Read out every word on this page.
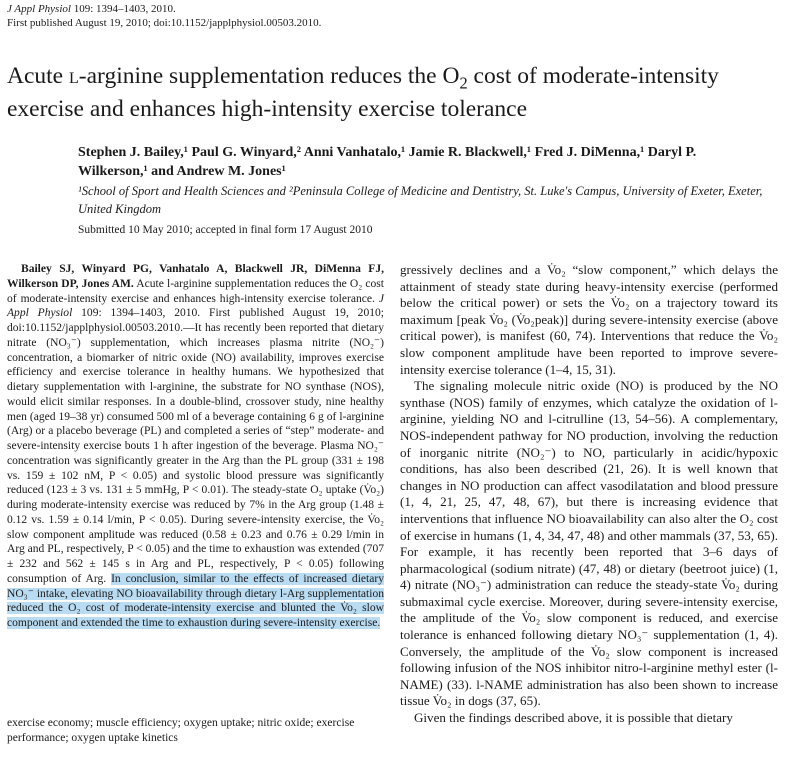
J Appl Physiol 109: 1394–1403, 2010.
First published August 19, 2010; doi:10.1152/japplphysiol.00503.2010.
Acute l-arginine supplementation reduces the $O_2$ cost of moderate-intensity exercise and enhances high-intensity exercise tolerance
Stephen J. Bailey,¹ Paul G. Winyard,² Anni Vanhatalo,¹ Jamie R. Blackwell,¹ Fred J. DiMenna,¹ Daryl P. Wilkerson,¹ and Andrew M. Jones¹
¹School of Sport and Health Sciences and ²Peninsula College of Medicine and Dentistry, St. Luke's Campus, University of Exeter, Exeter, United Kingdom
Submitted 10 May 2010; accepted in final form 17 August 2010
Bailey SJ, Winyard PG, Vanhatalo A, Blackwell JR, DiMenna FJ, Wilkerson DP, Jones AM. Acute l-arginine supplementation reduces the O₂ cost of moderate-intensity exercise and enhances high-intensity exercise tolerance. J Appl Physiol 109: 1394–1403, 2010. First published August 19, 2010; doi:10.1152/japplphysiol.00503.2010.—It has recently been reported that dietary nitrate (NO₃⁻) supplementation, which increases plasma nitrite (NO₂⁻) concentration, a biomarker of nitric oxide (NO) availability, improves exercise efficiency and exercise tolerance in healthy humans. We hypothesized that dietary supplementation with l-arginine, the substrate for NO synthase (NOS), would elicit similar responses. In a double-blind, crossover study, nine healthy men (aged 19–38 yr) consumed 500 ml of a beverage containing 6 g of l-arginine (Arg) or a placebo beverage (PL) and completed a series of “step” moderate- and severe-intensity exercise bouts 1 h after ingestion of the beverage. Plasma NO₂⁻ concentration was significantly greater in the Arg than the PL group (331 ± 198 vs. 159 ± 102 nM, P < 0.05) and systolic blood pressure was significantly reduced (123 ± 3 vs. 131 ± 5 mmHg, P < 0.01). The steady-state O₂ uptake (V̇o₂) during moderate-intensity exercise was reduced by 7% in the Arg group (1.48 ± 0.12 vs. 1.59 ± 0.14 l/min, P < 0.05). During severe-intensity exercise, the V̇o₂ slow component amplitude was reduced (0.58 ± 0.23 and 0.76 ± 0.29 l/min in Arg and PL, respectively, P < 0.05) and the time to exhaustion was extended (707 ± 232 and 562 ± 145 s in Arg and PL, respectively, P < 0.05) following consumption of Arg. In conclusion, similar to the effects of increased dietary NO₃⁻ intake, elevating NO bioavailability through dietary l-Arg supplementation reduced the O₂ cost of moderate-intensity exercise and blunted the V̇o₂ slow component and extended the time to exhaustion during severe-intensity exercise.
exercise economy; muscle efficiency; oxygen uptake; nitric oxide; exercise performance; oxygen uptake kinetics

gressively declines and a V̇o₂ “slow component,” which delays the attainment of steady state during heavy-intensity exercise (performed below the critical power) or sets the V̇o₂ on a trajectory toward its maximum [peak V̇o₂ (V̇o₂peak)] during severe-intensity exercise (above critical power), is manifest (60, 74). Interventions that reduce the V̇o₂ slow component amplitude have been reported to improve severe-intensity exercise tolerance (1–4, 15, 31).

The signaling molecule nitric oxide (NO) is produced by the NO synthase (NOS) family of enzymes, which catalyze the oxidation of l-arginine, yielding NO and l-citrulline (13, 54–56). A complementary, NOS-independent pathway for NO production, involving the reduction of inorganic nitrite (NO₂⁻) to NO, particularly in acidic/hypoxic conditions, has also been described (21, 26). It is well known that changes in NO production can affect vasodilatation and blood pressure (1, 4, 21, 25, 47, 48, 67), but there is increasing evidence that interventions that influence NO bioavailability can also alter the O₂ cost of exercise in humans (1, 4, 34, 47, 48) and other mammals (37, 53, 65). For example, it has recently been reported that 3–6 days of pharmacological (sodium nitrate) (47, 48) or dietary (beetroot juice) (1, 4) nitrate (NO₃⁻) administration can reduce the steady-state V̇o₂ during submaximal cycle exercise. Moreover, during severe-intensity exercise, the amplitude of the V̇o₂ slow component is reduced, and exercise tolerance is enhanced following dietary NO₃⁻ supplementation (1, 4). Conversely, the amplitude of the V̇o₂ slow component is increased following infusion of the NOS inhibitor nitro-l-arginine methyl ester (l-NAME) (33). l-NAME administration has also been shown to increase tissue V̇o₂ in dogs (37, 65).

Given the findings described above, it is possible that dietary
